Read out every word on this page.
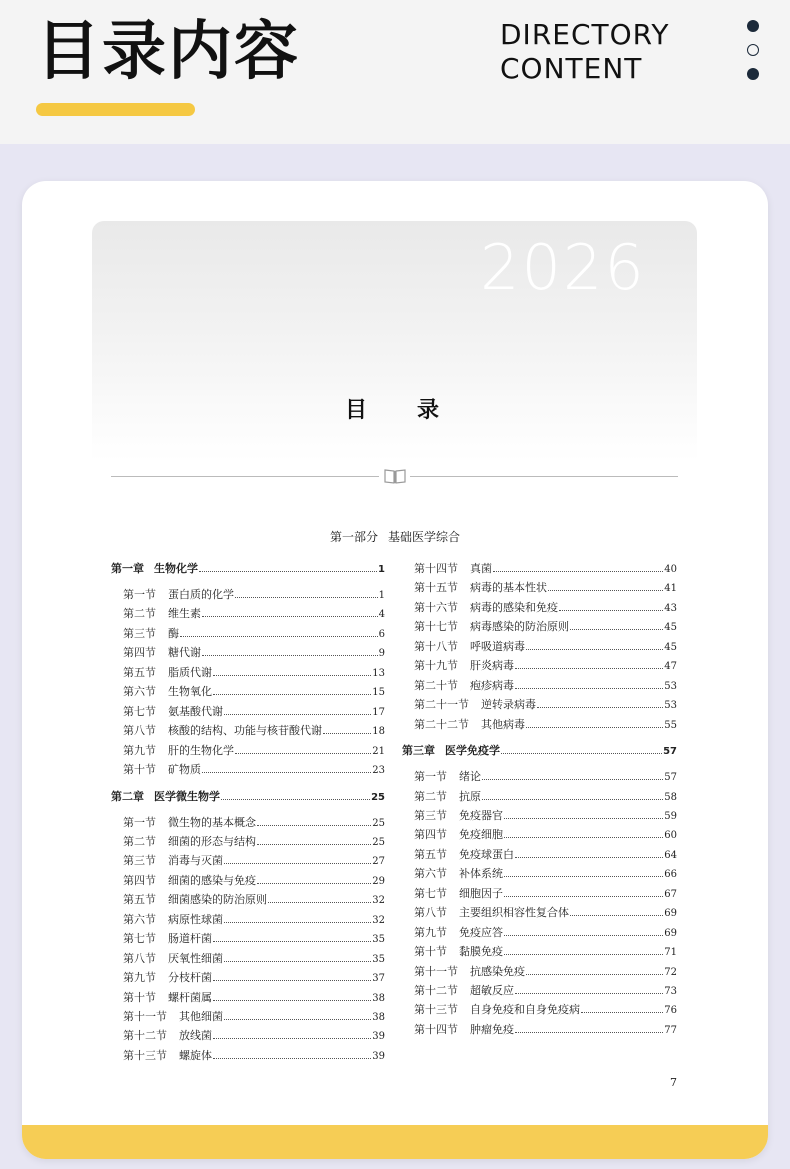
目录内容	DIRECTORY
CONTENT
2026
目录
第一部分 基础医学综合
第一章 生物化学	1
第一节 蛋白质的化学	1
第二节 维生素	4
第三节 酶	6
第四节 糖代谢	9
第五节 脂质代谢	13
第六节 生物氧化	15
第七节 氨基酸代谢	17
第八节 核酸的结构、功能与核苷酸代谢	18
第九节 肝的生物化学	21
第十节 矿物质	23
第二章 医学微生物学	25
第一节 微生物的基本概念	25
第二节 细菌的形态与结构	25
第三节 消毒与灭菌	27
第四节 细菌的感染与免疫	29
第五节 细菌感染的防治原则	32
第六节 病原性球菌	32
第七节 肠道杆菌	35
第八节 厌氧性细菌	35
第九节 分枝杆菌	37
第十节 螺杆菌属	38
第十一节 其他细菌	38
第十二节 放线菌	39
第十三节 螺旋体	39
第十四节 真菌	40
第十五节 病毒的基本性状	41
第十六节 病毒的感染和免疫	43
第十七节 病毒感染的防治原则	45
第十八节 呼吸道病毒	45
第十九节 肝炎病毒	47
第二十节 疱疹病毒	53
第二十一节 逆转录病毒	53
第二十二节 其他病毒	55
第三章 医学免疫学	57
第一节 绪论	57
第二节 抗原	58
第三节 免疫器官	59
第四节 免疫细胞	60
第五节 免疫球蛋白	64
第六节 补体系统	66
第七节 细胞因子	67
第八节 主要组织相容性复合体	69
第九节 免疫应答	69
第十节 黏膜免疫	71
第十一节 抗感染免疫	72
第十二节 超敏反应	73
第十三节 自身免疫和自身免疫病	76
第十四节 肿瘤免疫	77
7
